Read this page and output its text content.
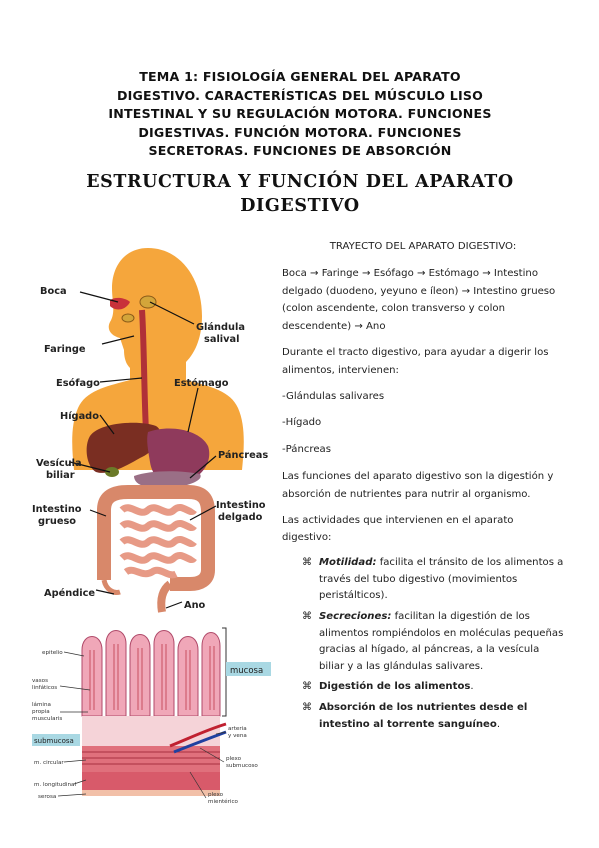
TEMA 1: FISIOLOGÍA GENERAL DEL APARATO
DIGESTIVO. CARACTERÍSTICAS DEL MÚSCULO LISO
INTESTINAL Y SU REGULACIÓN MOTORA. FUNCIONES
DIGESTIVAS. FUNCIÓN MOTORA. FUNCIONES
SECRETORAS. FUNCIONES DE ABSORCIÓN
ESTRUCTURA Y FUNCIÓN DEL APARATO
DIGESTIVO
Boca
Faringe
Esófago
Hígado
Vesícula
biliar
Intestino
grueso
Apéndice
Glándula
salival
Estómago
Páncreas
Intestino
delgado
Ano
mucosa
submucosa
epitelio
vasos
linfáticos
lámina
propia
muscularis
m. circular
m. longitudinal
serosa
arteria
y vena
plexo
submucoso
plexo
mientérico

TRAYECTO DEL APARATO DIGESTIVO:

Boca → Faringe → Esófago → Estómago → Intestino delgado (duodeno, yeyuno e íleon) → Intestino grueso (colon ascendente, colon transverso y colon descendente) → Ano

Durante el tracto digestivo, para ayudar a digerir los alimentos, intervienen:

-Glándulas salivares

-Hígado

-Páncreas

Las funciones del aparato digestivo son la digestión y absorción de nutrientes para nutrir al organismo.

Las actividades que intervienen en el aparato digestivo:

⌘ Motilidad: facilita el tránsito de los alimentos a través del tubo digestivo (movimientos peristálticos).
⌘ Secreciones: facilitan la digestión de los alimentos rompiéndolos en moléculas pequeñas gracias al hígado, al páncreas, a la vesícula biliar y a las glándulas salivares.
⌘ Digestión de los alimentos.
⌘ Absorción de los nutrientes desde el intestino al torrente sanguíneo.
